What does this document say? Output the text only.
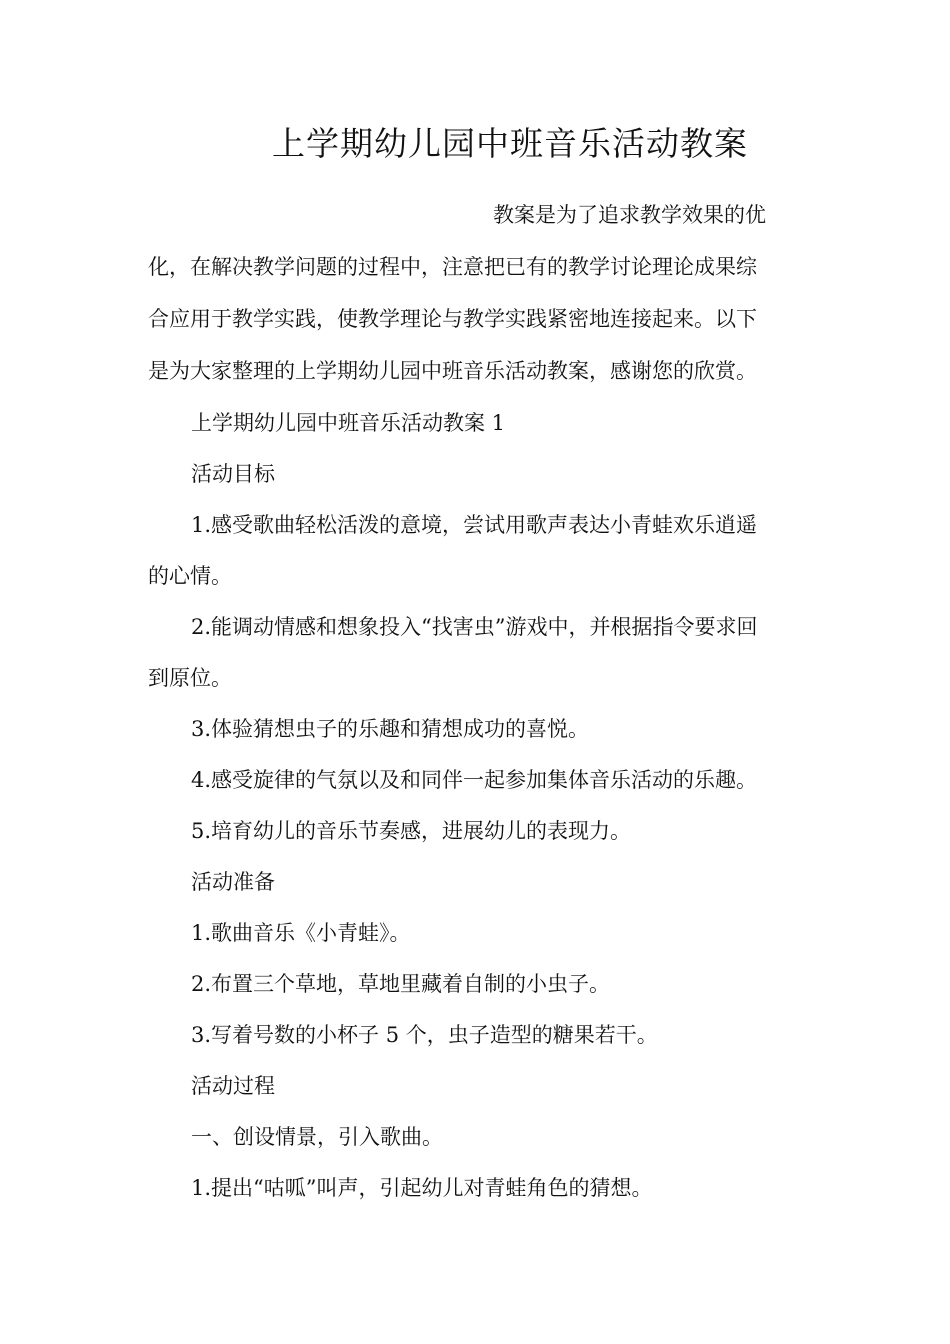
上学期幼儿园中班音乐活动教案
教案是为了追求教学效果的优
化，在解决教学问题的过程中，注意把已有的教学讨论理论成果综
合应用于教学实践，使教学理论与教学实践紧密地连接起来。以下
是为大家整理的上学期幼儿园中班音乐活动教案，感谢您的欣赏。
上学期幼儿园中班音乐活动教案 1
活动目标
1.感受歌曲轻松活泼的意境，尝试用歌声表达小青蛙欢乐逍遥
的心情。
2.能调动情感和想象投入“找害虫”游戏中，并根据指令要求回
到原位。
3.体验猜想虫子的乐趣和猜想成功的喜悦。
4.感受旋律的气氛以及和同伴一起参加集体音乐活动的乐趣。
5.培育幼儿的音乐节奏感，进展幼儿的表现力。
活动准备
1.歌曲音乐《小青蛙》。
2.布置三个草地，草地里藏着自制的小虫子。
3.写着号数的小杯子 5 个，虫子造型的糖果若干。
活动过程
一、创设情景，引入歌曲。
1.提出“咕呱”叫声，引起幼儿对青蛙角色的猜想。
